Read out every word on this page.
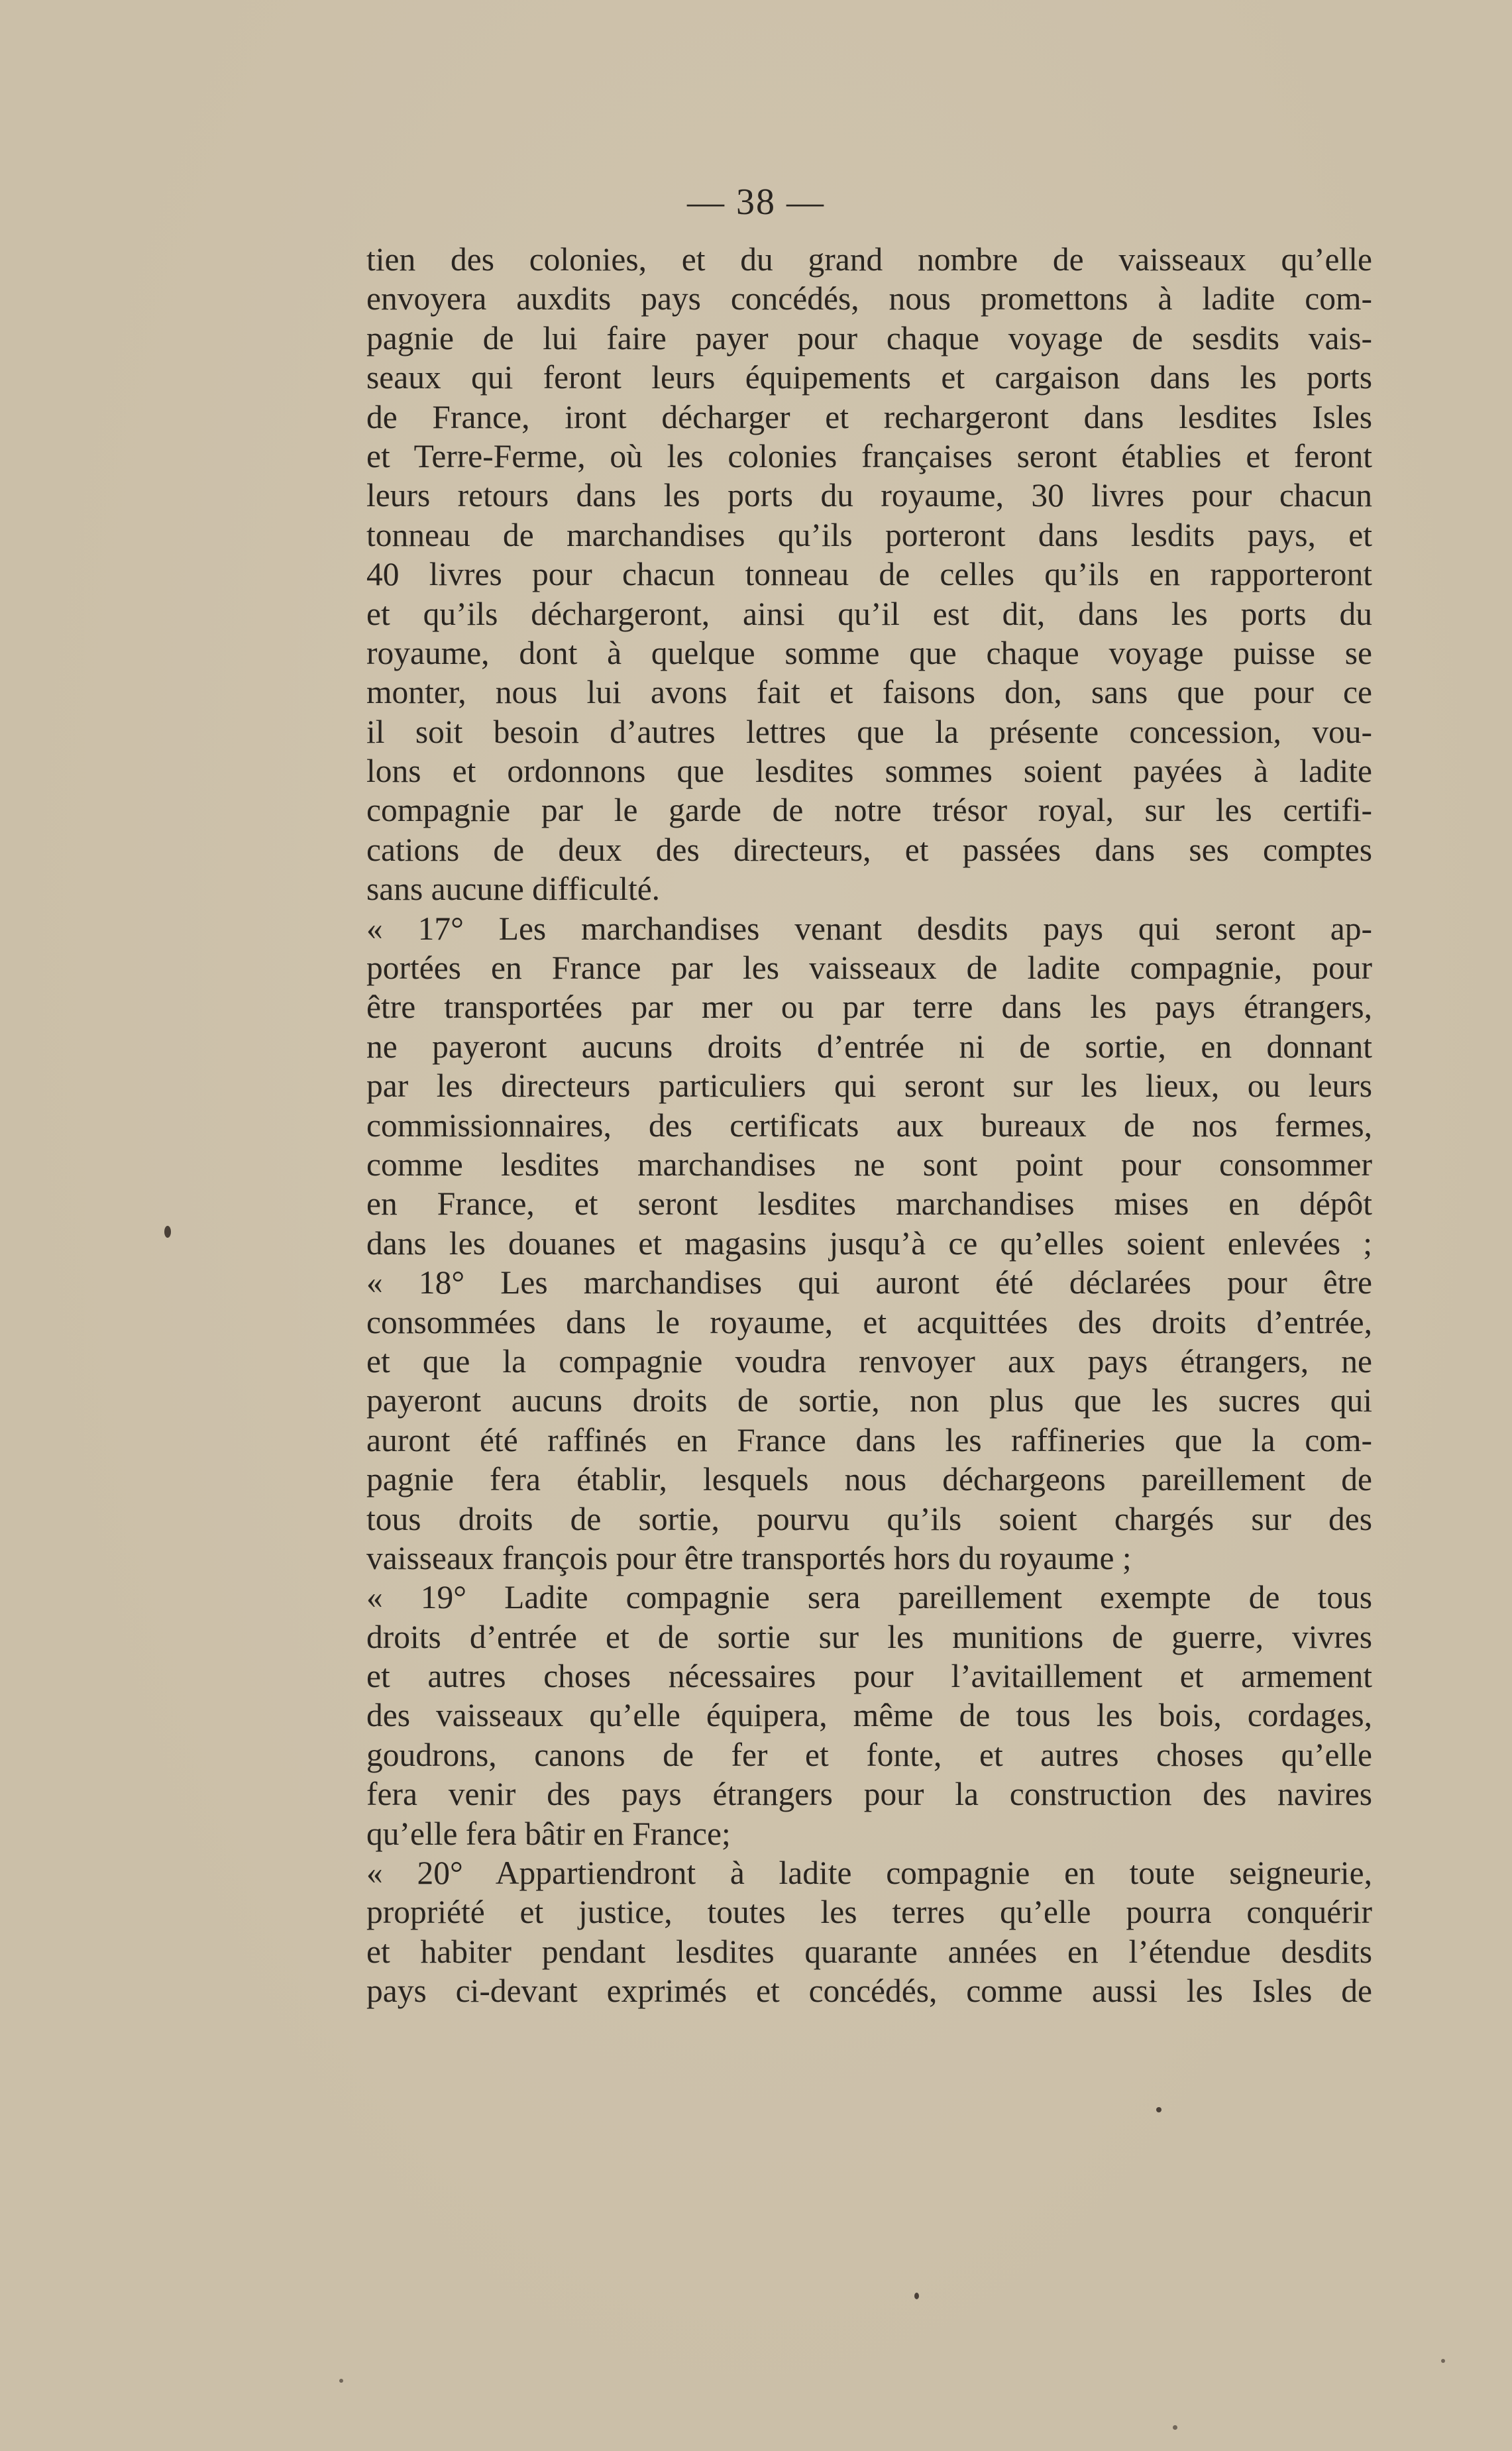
— 38 —
tien des colonies, et du grand nombre de vaisseaux qu’elle
envoyera auxdits pays concédés, nous promettons à ladite com-
pagnie de lui faire payer pour chaque voyage de sesdits vais-
seaux qui feront leurs équipements et cargaison dans les ports
de France, iront décharger et rechargeront dans lesdites Isles
et Terre-Ferme, où les colonies françaises seront établies et feront
leurs retours dans les ports du royaume, 30 livres pour chacun
tonneau de marchandises qu’ils porteront dans lesdits pays, et
40 livres pour chacun tonneau de celles qu’ils en rapporteront
et qu’ils déchargeront, ainsi qu’il est dit, dans les ports du
royaume, dont à quelque somme que chaque voyage puisse se
monter, nous lui avons fait et faisons don, sans que pour ce
il soit besoin d’autres lettres que la présente concession, vou-
lons et ordonnons que lesdites sommes soient payées à ladite
compagnie par le garde de notre trésor royal, sur les certifi-
cations de deux des directeurs, et passées dans ses comptes
sans aucune difficulté.
« 17° Les marchandises venant desdits pays qui seront ap-
portées en France par les vaisseaux de ladite compagnie, pour
être transportées par mer ou par terre dans les pays étrangers,
ne payeront aucuns droits d’entrée ni de sortie, en donnant
par les directeurs particuliers qui seront sur les lieux, ou leurs
commissionnaires, des certificats aux bureaux de nos fermes,
comme lesdites marchandises ne sont point pour consommer
en France, et seront lesdites marchandises mises en dépôt
dans les douanes et magasins jusqu’à ce qu’elles soient enlevées ;
« 18° Les marchandises qui auront été déclarées pour être
consommées dans le royaume, et acquittées des droits d’entrée,
et que la compagnie voudra renvoyer aux pays étrangers, ne
payeront aucuns droits de sortie, non plus que les sucres qui
auront été raffinés en France dans les raffineries que la com-
pagnie fera établir, lesquels nous déchargeons pareillement de
tous droits de sortie, pourvu qu’ils soient chargés sur des
vaisseaux françois pour être transportés hors du royaume ;
« 19° Ladite compagnie sera pareillement exempte de tous
droits d’entrée et de sortie sur les munitions de guerre, vivres
et autres choses nécessaires pour l’avitaillement et armement
des vaisseaux qu’elle équipera, même de tous les bois, cordages,
goudrons, canons de fer et fonte, et autres choses qu’elle
fera venir des pays étrangers pour la construction des navires
qu’elle fera bâtir en France;
« 20° Appartiendront à ladite compagnie en toute seigneurie,
propriété et justice, toutes les terres qu’elle pourra conquérir
et habiter pendant lesdites quarante années en l’étendue desdits
pays ci-devant exprimés et concédés, comme aussi les Isles de
